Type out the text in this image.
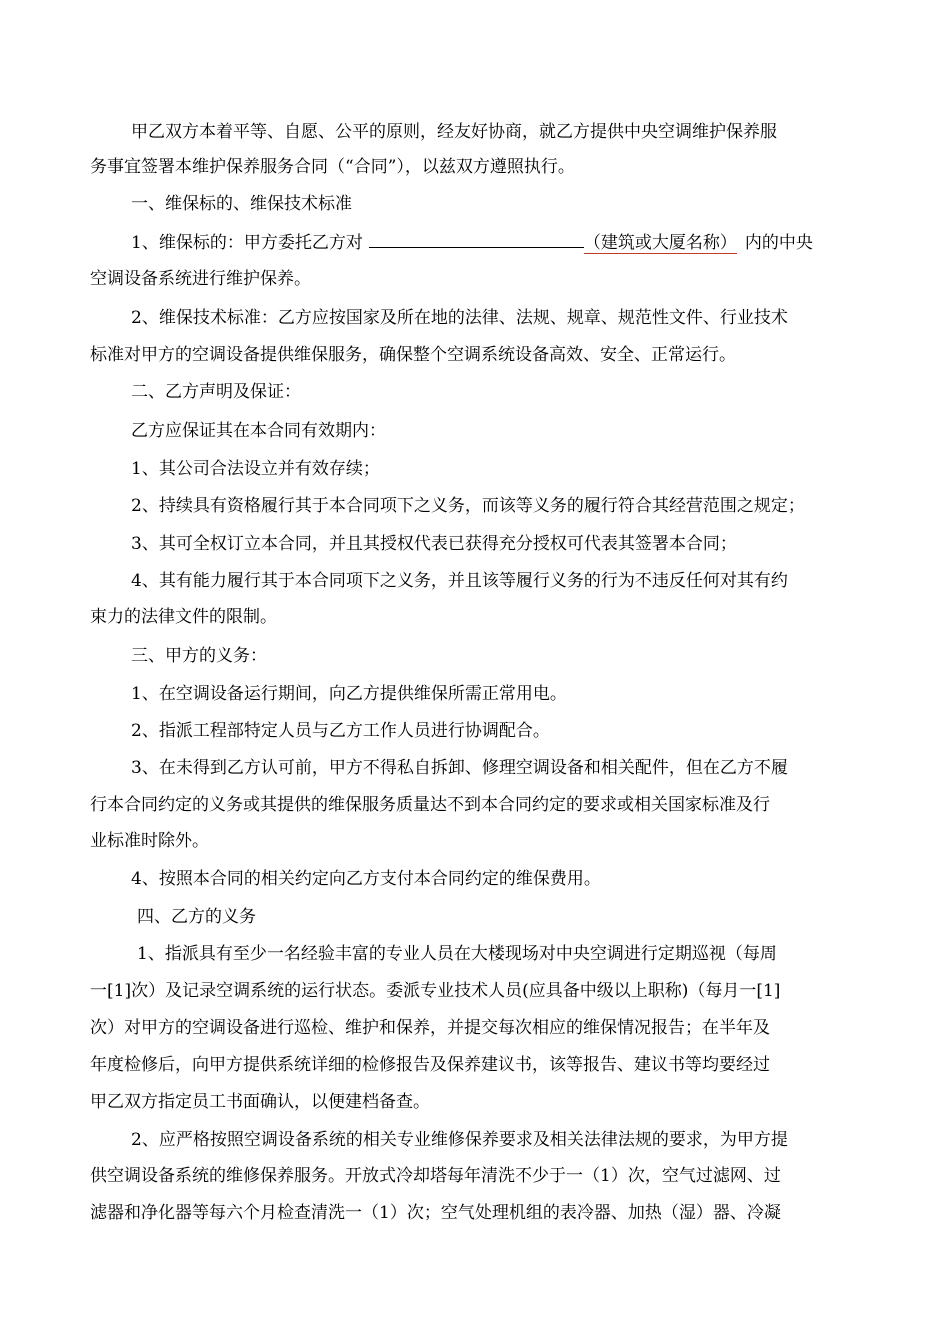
甲乙双方本着平等、自愿、公平的原则，经友好协商，就乙方提供中央空调维护保养服
务事宜签署本维护保养服务合同（“合同”），以兹双方遵照执行。
一、维保标的、维保技术标准
1、维保标的：甲方委托乙方对	（建筑或大厦名称） 内的中央
空调设备系统进行维护保养。
2、维保技术标准：乙方应按国家及所在地的法律、法规、规章、规范性文件、行业技术
标准对甲方的空调设备提供维保服务，确保整个空调系统设备高效、安全、正常运行。
二、乙方声明及保证：
乙方应保证其在本合同有效期内：
1、其公司合法设立并有效存续；
2、持续具有资格履行其于本合同项下之义务，而该等义务的履行符合其经营范围之规定；
3、其可全权订立本合同，并且其授权代表已获得充分授权可代表其签署本合同；
4、其有能力履行其于本合同项下之义务，并且该等履行义务的行为不违反任何对其有约
束力的法律文件的限制。
三、甲方的义务：
1、在空调设备运行期间，向乙方提供维保所需正常用电。
2、指派工程部特定人员与乙方工作人员进行协调配合。
3、在未得到乙方认可前，甲方不得私自拆卸、修理空调设备和相关配件，但在乙方不履
行本合同约定的义务或其提供的维保服务质量达不到本合同约定的要求或相关国家标准及行
业标准时除外。
4、按照本合同的相关约定向乙方支付本合同约定的维保费用。
四、乙方的义务
1、指派具有至少一名经验丰富的专业人员在大楼现场对中央空调进行定期巡视（每周
一[1]次）及记录空调系统的运行状态。委派专业技术人员(应具备中级以上职称)（每月一[1]
次）对甲方的空调设备进行巡检、维护和保养，并提交每次相应的维保情况报告；在半年及
年度检修后，向甲方提供系统详细的检修报告及保养建议书，该等报告、建议书等均要经过
甲乙双方指定员工书面确认，以便建档备查。
2、应严格按照空调设备系统的相关专业维修保养要求及相关法律法规的要求，为甲方提
供空调设备系统的维修保养服务。开放式冷却塔每年清洗不少于一（1）次，空气过滤网、过
滤器和净化器等每六个月检查清洗一（1）次；空气处理机组的表冷器、加热（湿）器、冷凝
